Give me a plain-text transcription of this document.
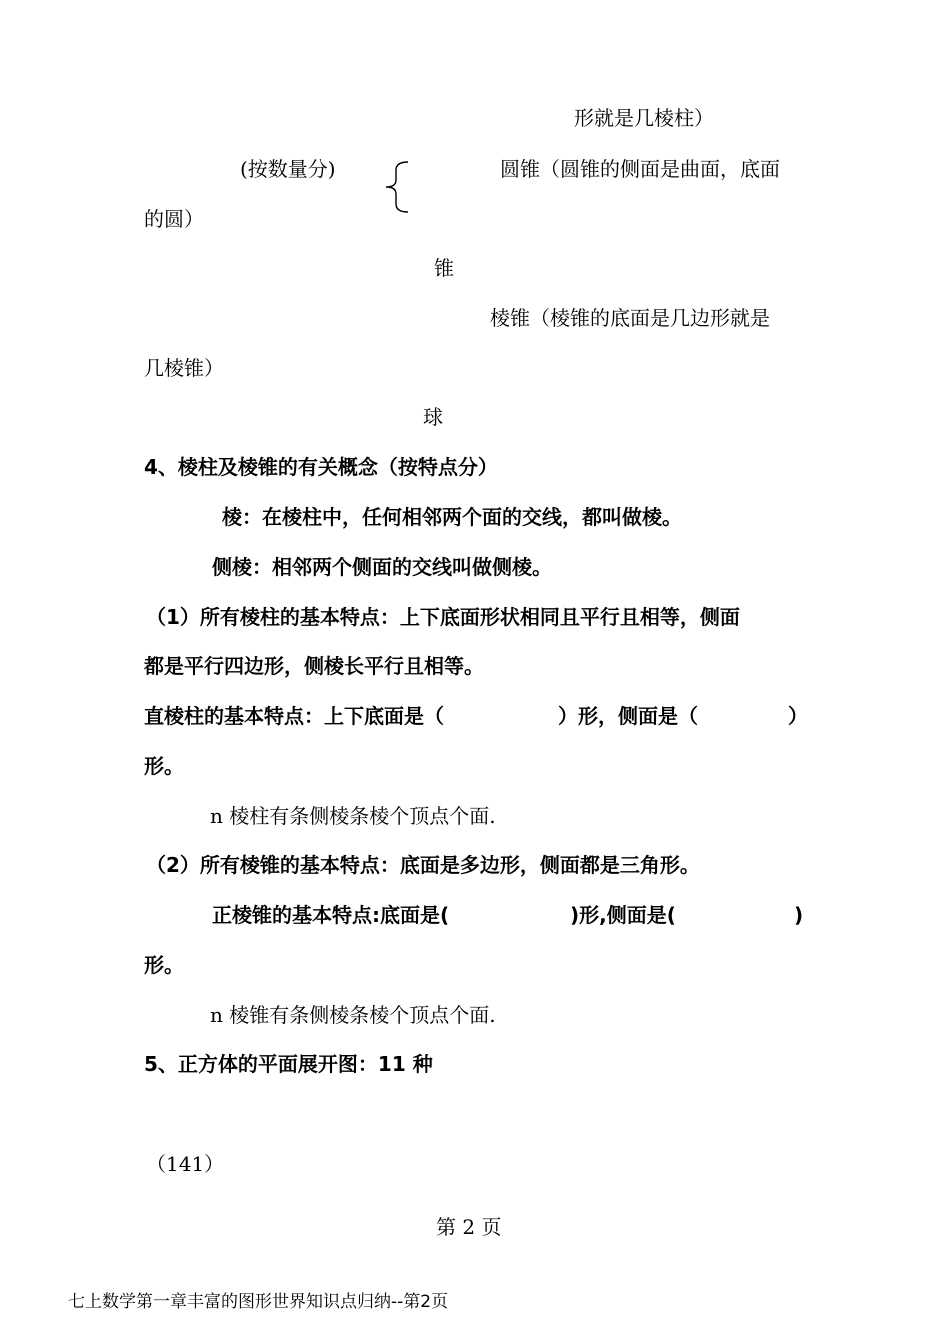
形就是几棱柱）
(按数量分)	圆锥（圆锥的侧面是曲面，底面
的圆）
锥
棱锥（棱锥的底面是几边形就是
几棱锥）
球
4、棱柱及棱锥的有关概念（按特点分）
棱：在棱柱中，任何相邻两个面的交线，都叫做棱。
侧棱：相邻两个侧面的交线叫做侧棱。
（1）所有棱柱的基本特点：上下底面形状相同且平行且相等，侧面
都是平行四边形，侧棱长平行且相等。
直棱柱的基本特点：上下底面是（	）形，侧面是（	）
形。
n 棱柱有条侧棱条棱个顶点个面.
（2）所有棱锥的基本特点：底面是多边形，侧面都是三角形。
正棱锥的基本特点:底面是(	)形,侧面是(	)
形。
n 棱锥有条侧棱条棱个顶点个面.
5、正方体的平面展开图：11 种
（141）
第 2 页
七上数学第一章丰富的图形世界知识点归纳--第2页
